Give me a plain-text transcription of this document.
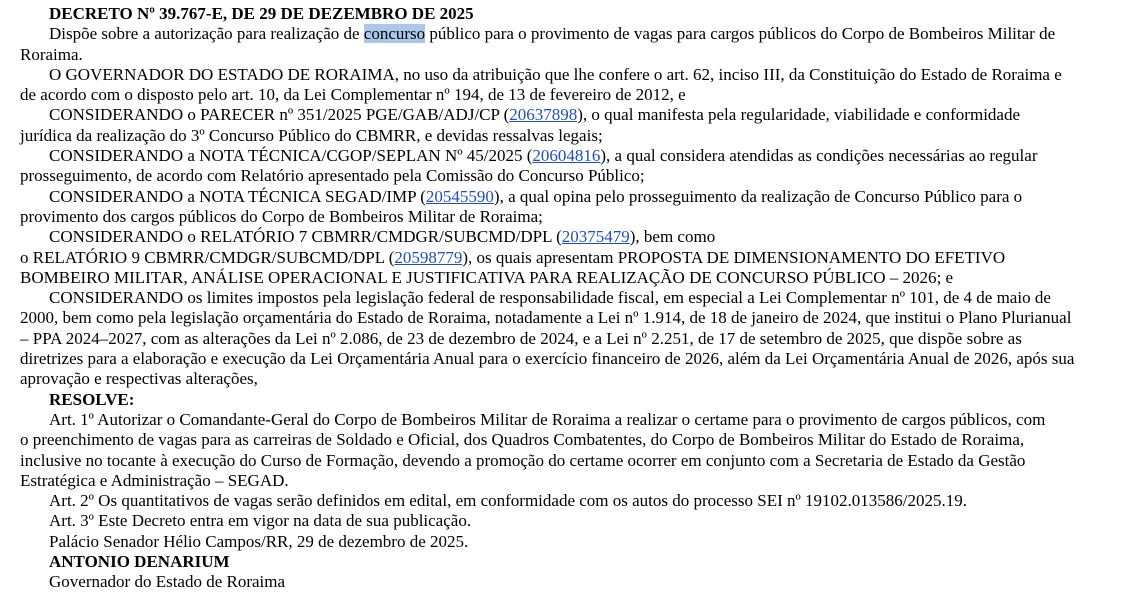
DECRETO Nº 39.767-E, DE 29 DE DEZEMBRO DE 2025
Dispõe sobre a autorização para realização de concurso público para o provimento de vagas para cargos públicos do Corpo de Bombeiros Militar de
Roraima.
O GOVERNADOR DO ESTADO DE RORAIMA, no uso da atribuição que lhe confere o art. 62, inciso III, da Constituição do Estado de Roraima e
de acordo com o disposto pelo art. 10, da Lei Complementar nº 194, de 13 de fevereiro de 2012, e
CONSIDERANDO o PARECER nº 351/2025 PGE/GAB/ADJ/CP (20637898), o qual manifesta pela regularidade, viabilidade e conformidade
jurídica da realização do 3º Concurso Público do CBMRR, e devidas ressalvas legais;
CONSIDERANDO a NOTA TÉCNICA/CGOP/SEPLAN Nº 45/2025 (20604816), a qual considera atendidas as condições necessárias ao regular
prosseguimento, de acordo com Relatório apresentado pela Comissão do Concurso Público;
CONSIDERANDO a NOTA TÉCNICA SEGAD/IMP (20545590), a qual opina pelo prosseguimento da realização de Concurso Público para o
provimento dos cargos públicos do Corpo de Bombeiros Militar de Roraima;
CONSIDERANDO o RELATÓRIO 7 CBMRR/CMDGR/SUBCMD/DPL (20375479), bem como
o RELATÓRIO 9 CBMRR/CMDGR/SUBCMD/DPL (20598779), os quais apresentam PROPOSTA DE DIMENSIONAMENTO DO EFETIVO
BOMBEIRO MILITAR, ANÁLISE OPERACIONAL E JUSTIFICATIVA PARA REALIZAÇÃO DE CONCURSO PÚBLICO – 2026; e
CONSIDERANDO os limites impostos pela legislação federal de responsabilidade fiscal, em especial a Lei Complementar nº 101, de 4 de maio de
2000, bem como pela legislação orçamentária do Estado de Roraima, notadamente a Lei nº 1.914, de 18 de janeiro de 2024, que institui o Plano Plurianual
– PPA 2024–2027, com as alterações da Lei nº 2.086, de 23 de dezembro de 2024, e a Lei nº 2.251, de 17 de setembro de 2025, que dispõe sobre as
diretrizes para a elaboração e execução da Lei Orçamentária Anual para o exercício financeiro de 2026, além da Lei Orçamentária Anual de 2026, após sua
aprovação e respectivas alterações,
RESOLVE:
Art. 1º Autorizar o Comandante-Geral do Corpo de Bombeiros Militar de Roraima a realizar o certame para o provimento de cargos públicos, com
o preenchimento de vagas para as carreiras de Soldado e Oficial, dos Quadros Combatentes, do Corpo de Bombeiros Militar do Estado de Roraima,
inclusive no tocante à execução do Curso de Formação, devendo a promoção do certame ocorrer em conjunto com a Secretaria de Estado da Gestão
Estratégica e Administração – SEGAD.
Art. 2º Os quantitativos de vagas serão definidos em edital, em conformidade com os autos do processo SEI nº 19102.013586/2025.19.
Art. 3º Este Decreto entra em vigor na data de sua publicação.
Palácio Senador Hélio Campos/RR, 29 de dezembro de 2025.
ANTONIO DENARIUM
Governador do Estado de Roraima
